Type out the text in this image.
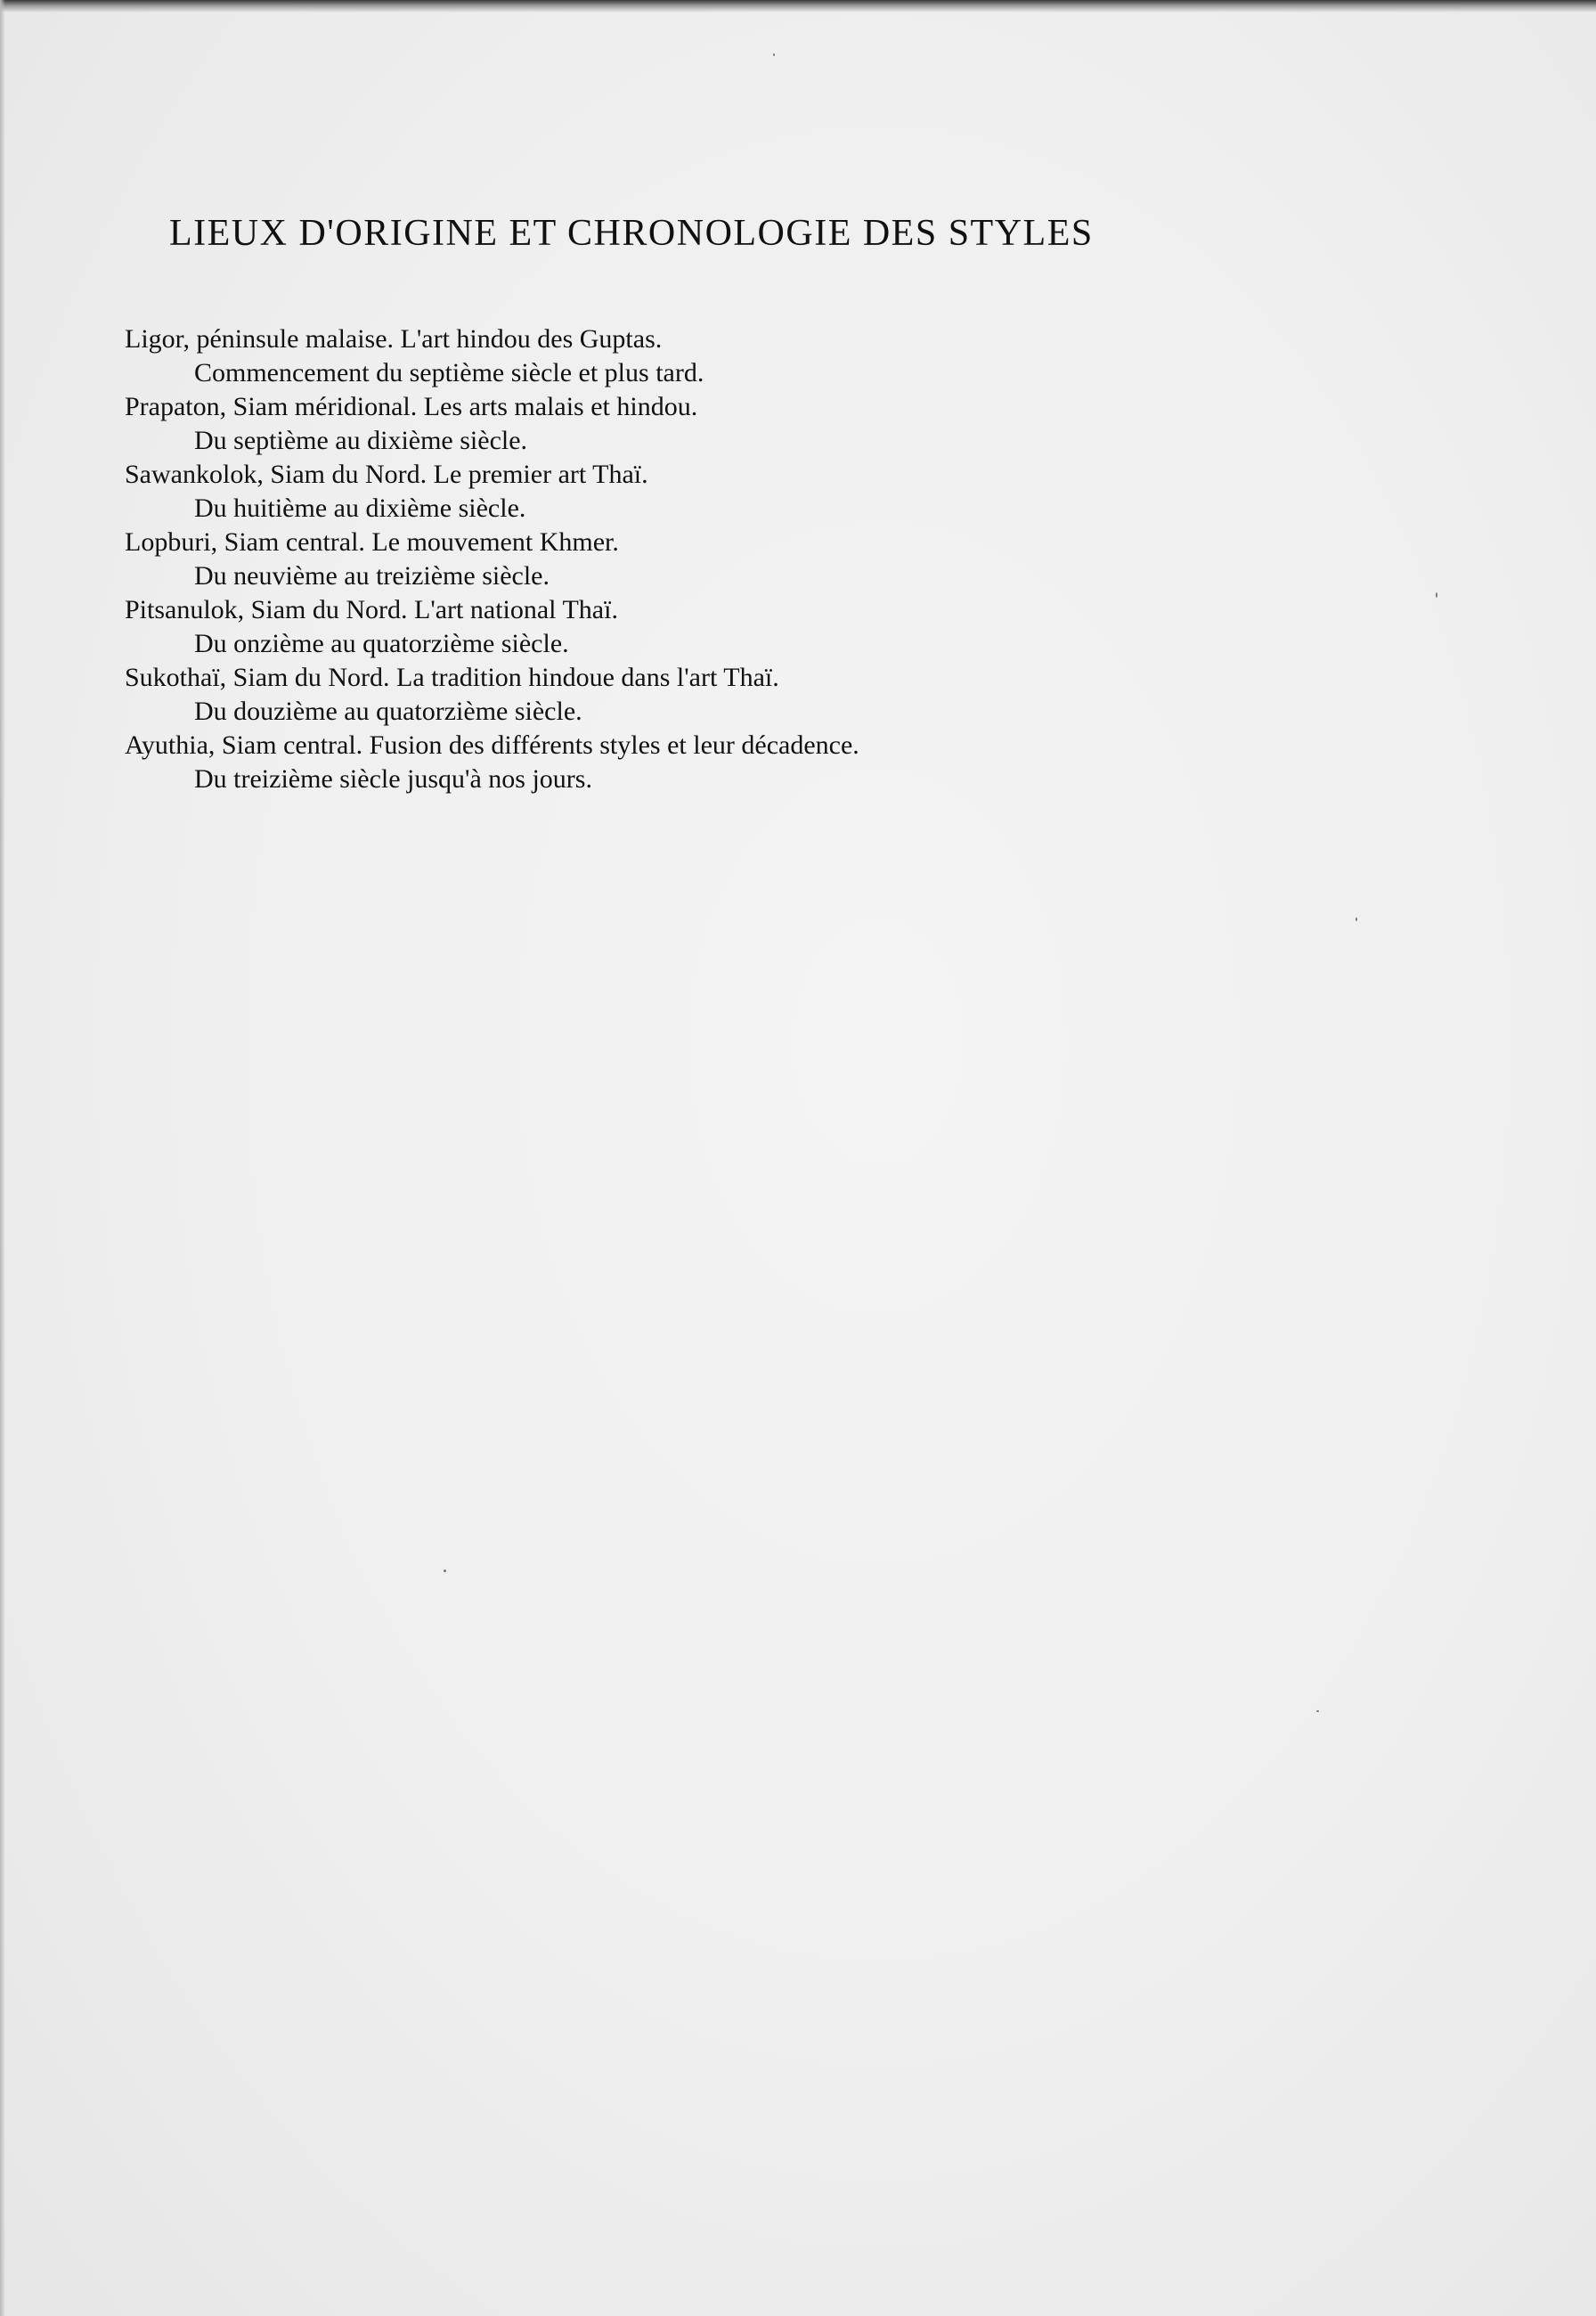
LIEUX D'ORIGINE ET CHRONOLOGIE DES STYLES

Ligor, péninsule malaise. L'art hindou des Guptas.

Commencement du septième siècle et plus tard.

Prapaton, Siam méridional. Les arts malais et hindou.

Du septième au dixième siècle.

Sawankolok, Siam du Nord. Le premier art Thaï.

Du huitième au dixième siècle.

Lopburi, Siam central. Le mouvement Khmer.

Du neuvième au treizième siècle.

Pitsanulok, Siam du Nord. L'art national Thaï.

Du onzième au quatorzième siècle.

Sukothaï, Siam du Nord. La tradition hindoue dans l'art Thaï.

Du douzième au quatorzième siècle.

Ayuthia, Siam central. Fusion des différents styles et leur décadence.

Du treizième siècle jusqu'à nos jours.
